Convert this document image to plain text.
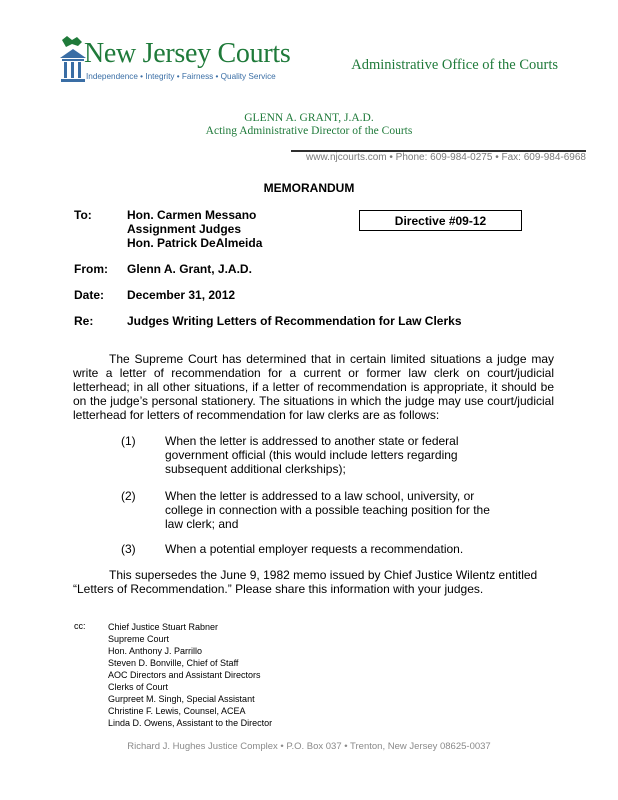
New Jersey Courts
Independence • Integrity • Fairness • Quality Service
Administrative Office of the Courts
GLENN A. GRANT, J.A.D.
Acting Administrative Director of the Courts
www.njcourts.com • Phone: 609-984-0275 • Fax: 609-984-6968
MEMORANDUM
To:	Hon. Carmen Messano
Assignment Judges
Hon. Patrick DeAlmeida
Directive #09-12
From: Glenn A. Grant, J.A.D.
Date: December 31, 2012
Re:	Judges Writing Letters of Recommendation for Law Clerks
The Supreme Court has determined that in certain limited situations a judge may write a letter of recommendation for a current or former law clerk on court/judicial letterhead; in all other situations, if a letter of recommendation is appropriate, it should be on the judge’s personal stationery. The situations in which the judge may use court/judicial letterhead for letters of recommendation for law clerks are as follows:
(1) When the letter is addressed to another state or federal government official (this would include letters regarding subsequent additional clerkships);
(2) When the letter is addressed to a law school, university, or college in connection with a possible teaching position for the law clerk; and
(3) When a potential employer requests a recommendation.
This supersedes the June 9, 1982 memo issued by Chief Justice Wilentz entitled “Letters of Recommendation.” Please share this information with your judges.
cc: Chief Justice Stuart Rabner
Supreme Court
Hon. Anthony J. Parrillo
Steven D. Bonville, Chief of Staff
AOC Directors and Assistant Directors
Clerks of Court
Gurpreet M. Singh, Special Assistant
Christine F. Lewis, Counsel, ACEA
Linda D. Owens, Assistant to the Director
Richard J. Hughes Justice Complex • P.O. Box 037 • Trenton, New Jersey 08625-0037
